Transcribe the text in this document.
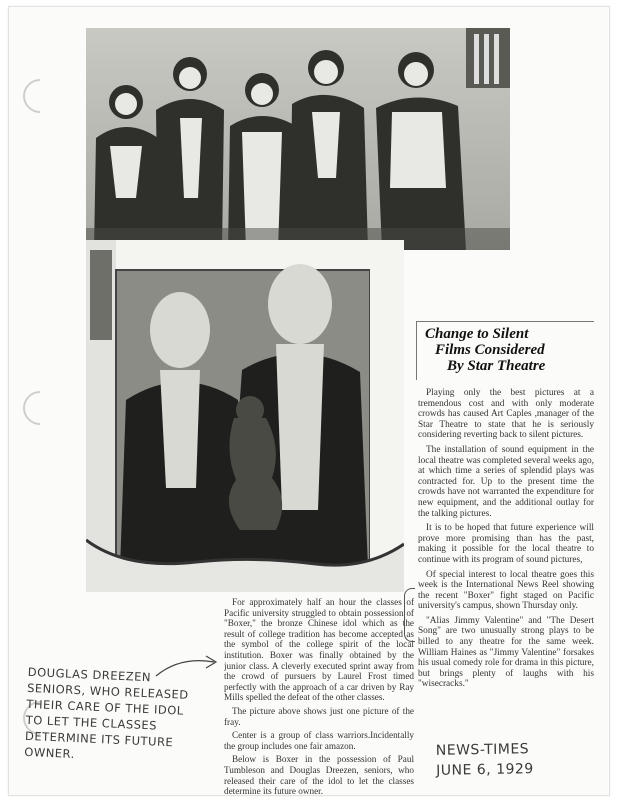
For approximately half an hour the classes of Pacific university struggled to obtain possession of "Boxer," the bronze Chinese idol which as the result of college tradition has become accepted as the symbol of the college spirit of the local institution. Boxer was finally obtained by the junior class. A cleverly executed sprint away from the crowd of pursuers by Laurel Frost timed perfectly with the approach of a car driven by Ray Mills spelled the defeat of the other classes.

The picture above shows just one picture of the fray.

Center is a group of class warriors.Incidentally the group includes one fair amazon.

Below is Boxer in the possession of Paul Tumbleson and Douglas Dreezen, seniors, who released their care of the idol to let the classes determine its future owner.

Change to Silent
Films Considered
By Star Theatre

Playing only the best pictures at a tremendous cost and with only moderate crowds has caused Art Caples ,manager of the Star Theatre to state that he is seriously considering reverting back to silent pictures.

The installation of sound equipment in the local theatre was completed several weeks ago, at which time a series of splendid plays was contracted for. Up to the present time the crowds have not warranted the expenditure for new equipment, and the additional outlay for the talking pictures.

It is to be hoped that future experience will prove more promising than has the past, making it possible for the local theatre to continue with its program of sound pictures,

Of special interest to local theatre goes this week is the International News Reel showing the recent "Boxer" fight staged on Pacific university's campus, shown Thursday only.

"Alias Jimmy Valentine" and "The Desert Song" are two unusually strong plays to be billed to any theatre for the same week. William Haines as "Jimmy Valentine" forsakes his usual comedy role for drama in this picture, but brings plenty of laughs with his "wisecracks."

DOUGLAS DREEZEN
SENIORS, WHO RELEASED
THEIR CARE OF THE IDOL
TO LET THE CLASSES
DETERMINE ITS FUTURE
OWNER.	NEWS-TIMES
JUNE 6, 1929
